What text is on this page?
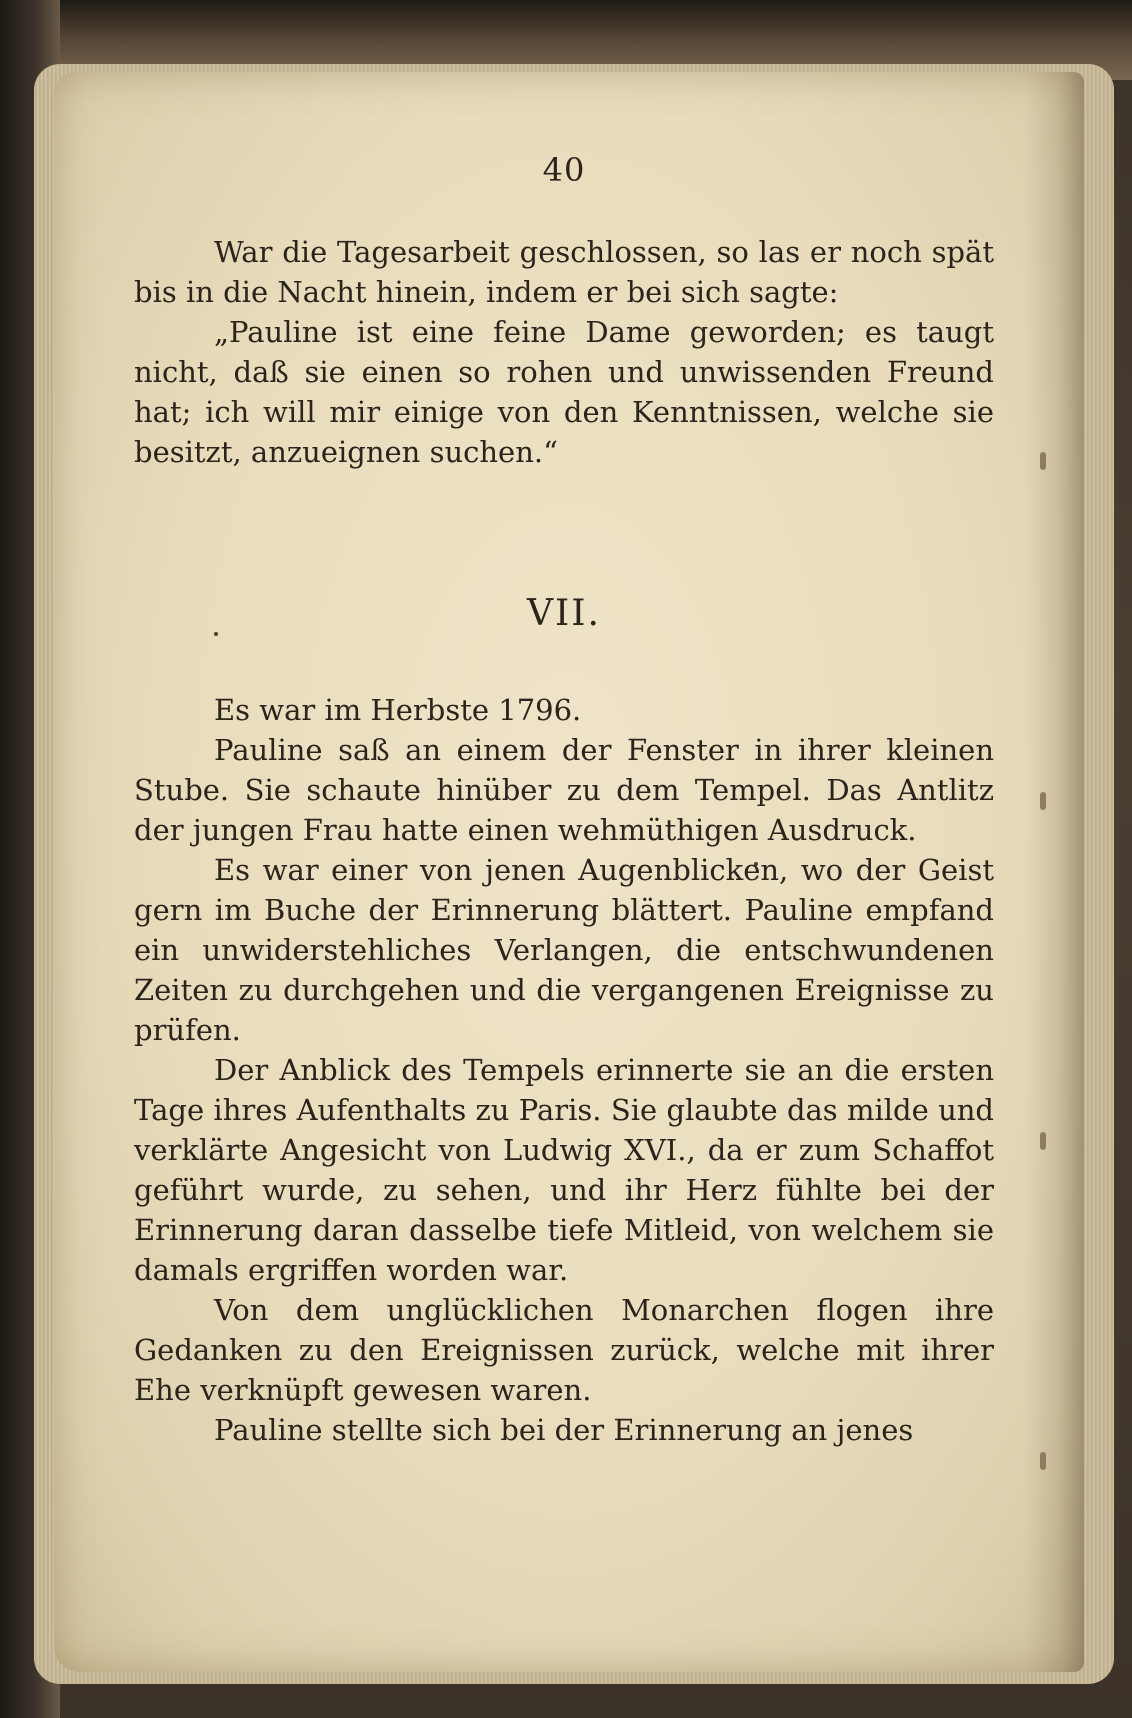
40

War die Tagesarbeit geschlossen, so las er noch spät bis in die Nacht hinein, indem er bei sich sagte:

„Pauline ist eine feine Dame geworden; es taugt nicht, daß sie einen so rohen und unwissenden Freund hat; ich will mir einige von den Kenntnissen, welche sie besitzt, anzueignen suchen.“

VII.

Es war im Herbste 1796.

Pauline saß an einem der Fenster in ihrer kleinen Stube. Sie schaute hinüber zu dem Tempel. Das Antlitz der jungen Frau hatte einen wehmüthigen Ausdruck.

Es war einer von jenen Augenblicken, wo der Geist gern im Buche der Erinnerung blättert. Pauline empfand ein unwiderstehliches Verlangen, die entschwundenen Zeiten zu durchgehen und die vergangenen Ereignisse zu prüfen.

Der Anblick des Tempels erinnerte sie an die ersten Tage ihres Aufenthalts zu Paris. Sie glaubte das milde und verklärte Angesicht von Ludwig XVI., da er zum Schaffot geführt wurde, zu sehen, und ihr Herz fühlte bei der Erinnerung daran dasselbe tiefe Mitleid, von welchem sie damals ergriffen worden war.

Von dem unglücklichen Monarchen flogen ihre Gedanken zu den Ereignissen zurück, welche mit ihrer Ehe verknüpft gewesen waren.

Pauline stellte sich bei der Erinnerung an jenes
